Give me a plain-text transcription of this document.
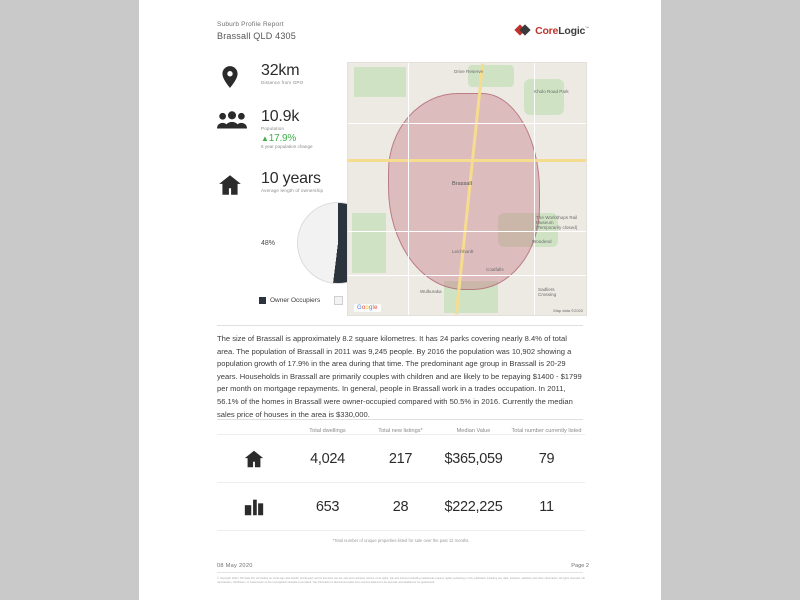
Suburb Profile Report
Brassall QLD 4305	CoreLogic™
32km
Distance from GPO
10.9k
Population
▲17.9%
5 year population change
10 years
Average length of ownership
48%
Owner Occupiers
Drive Reserve
Kholo Road Park
Brassall
The Workshops Rail Museum (Temporarily closed)
Wulkuraka
Coalfalls
Woodend
Sadliers Crossing
Leichhardt
Google	Map data ©2020
The size of Brassall is approximately 8.2 square kilometres. It has 24 parks covering nearly 8.4% of total area. The population of Brassall in 2011 was 9,245 people. By 2016 the population was 10,902 showing a population growth of 17.9% in the area during that time. The predominant age group in Brassall is 20-29 years. Households in Brassall are primarily couples with children and are likely to be repaying $1400 - $1799 per month on mortgage repayments. In general, people in Brassall work in a trades occupation. In 2011, 56.1% of the homes in Brassall were owner-occupied compared with 50.5% in 2016. Currently the median sales price of houses in the area is $330,000.
Total dwellings	Total new listings*	Median Value	Total number currently listed
4,024	217	$365,059	79
653	28	$222,225	11
*Total number of unique properties listed for sale over the past 12 months.
08 May 2020	Page 2
© Copyright 2020 | RP Data Pty Ltd trading as CoreLogic Asia Pacific (CoreLogic) and its licensors are the sole and exclusive owners of all rights, title and interest (including intellectual property rights) subsisting in this publication including any data, analytics, statistics and other information. All rights reserved. No reproduction, distribution, or transmission of the copyrighted materials is permitted. The information is derived and relies from sources believed to be accurate and reliable but not guaranteed.
